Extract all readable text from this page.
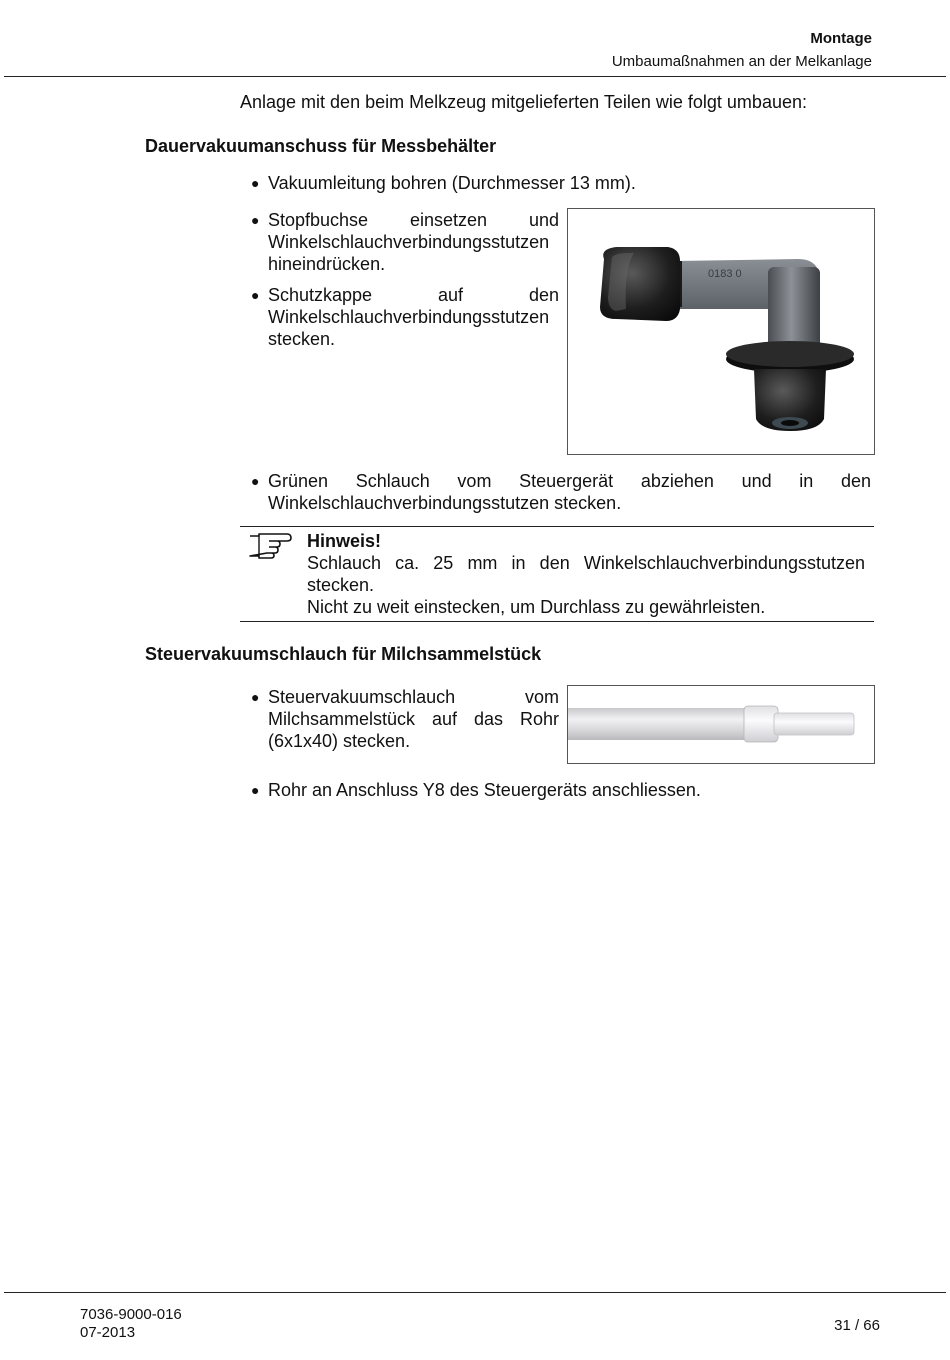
Montage
Umbaumaßnahmen an der Melkanlage
Anlage mit den beim Melkzeug mitgelieferten Teilen wie folgt umbauen:
Dauervakuumanschuss für Messbehälter
● Vakuumleitung bohren (Durchmesser 13 mm).
● Stopfbuchse einsetzen und
Winkelschlauchverbindungsstutzen
hineindrücken.
● Schutzkappe auf den
Winkelschlauchverbindungsstutzen
stecken.
0183 0
● Grünen Schlauch vom Steuergerät abziehen und in den
Winkelschlauchverbindungsstutzen stecken.
Hinweis!
Schlauch ca. 25 mm in den Winkelschlauchverbindungsstutzen
stecken.
Nicht zu weit einstecken, um Durchlass zu gewährleisten.
Steuervakuumschlauch für Milchsammelstück
● Steuervakuumschlauch vom
Milchsammelstück auf das Rohr
(6x1x40) stecken.
● Rohr an Anschluss Y8 des Steuergeräts anschliessen.
7036-9000-016
07-2013	31 / 66
